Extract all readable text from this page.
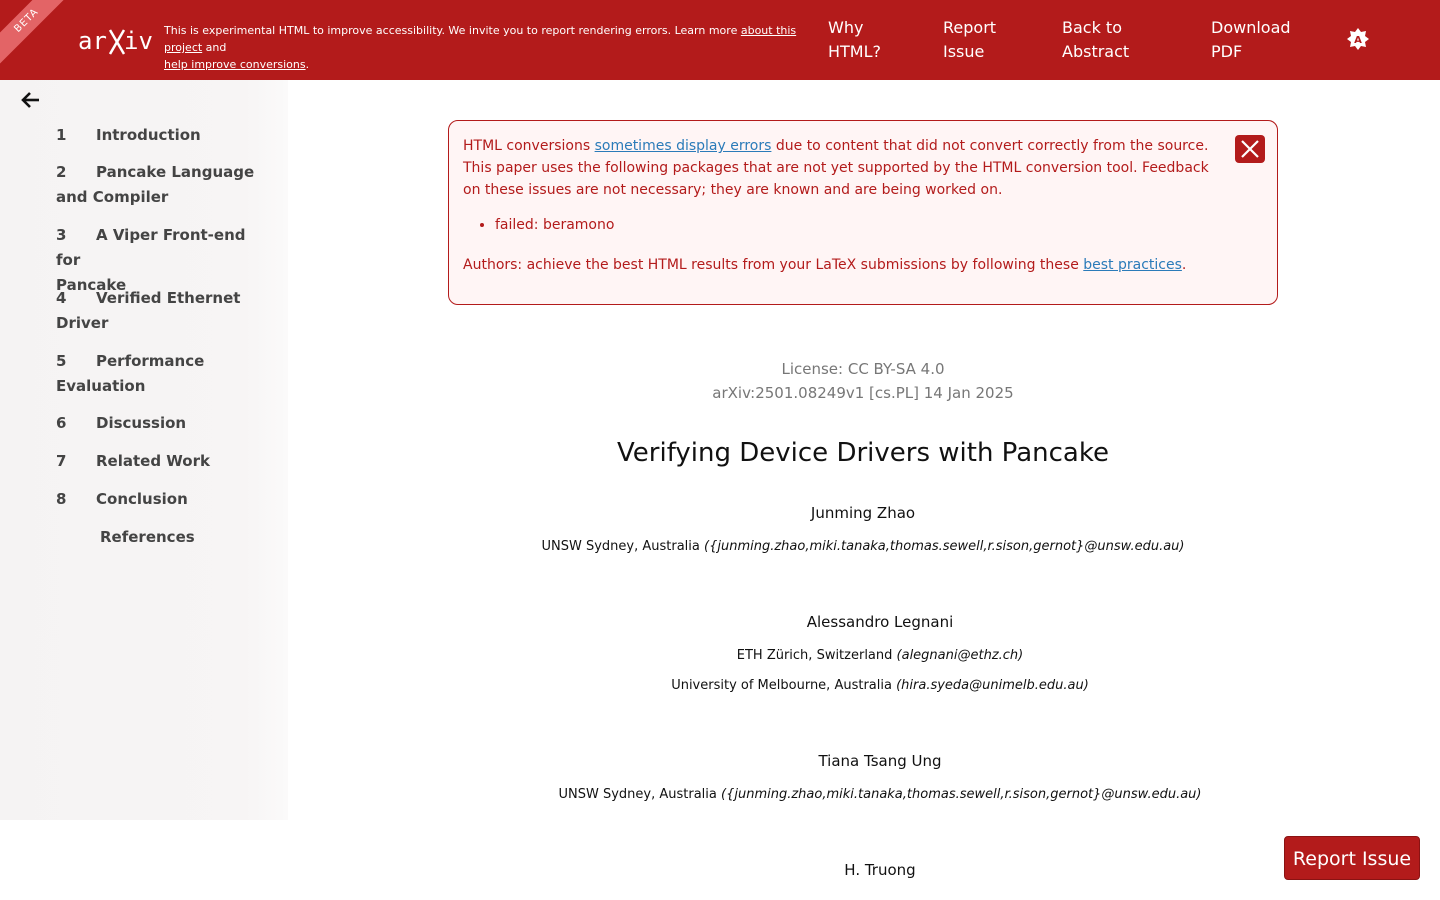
BETA
ar iv This is experimental HTML to improve accessibility. We invite you to report rendering errors. Learn more about this project and
help improve conversions.
Why
HTML?
Report
Issue
Back to
Abstract
Download
PDF
A
1 Introduction
2 Pancake Language
and Compiler
3 A Viper Front-end for
Pancake
4 Verified Ethernet
Driver
5 Performance
Evaluation
6 Discussion
7 Related Work
8 Conclusion
References

HTML conversions sometimes display errors due to content that did not convert correctly from the source. This paper uses the following packages that are not yet supported by the HTML conversion tool. Feedback on these issues are not necessary; they are known and are being worked on.

• failed: beramono

Authors: achieve the best HTML results from your LaTeX submissions by following these best practices.

License: CC BY-SA 4.0
arXiv:2501.08249v1 [cs.PL] 14 Jan 2025
Verifying Device Drivers with Pancake
Junming Zhao
UNSW Sydney, Australia ({junming.zhao,miki.tanaka,thomas.sewell,r.sison,gernot}@unsw.edu.au)
Alessandro Legnani
ETH Zürich, Switzerland (alegnani@ethz.ch)
University of Melbourne, Australia (hira.syeda@unimelb.edu.au)
Tiana Tsang Ung
UNSW Sydney, Australia ({junming.zhao,miki.tanaka,thomas.sewell,r.sison,gernot}@unsw.edu.au)
H. Truong	Report Issue
